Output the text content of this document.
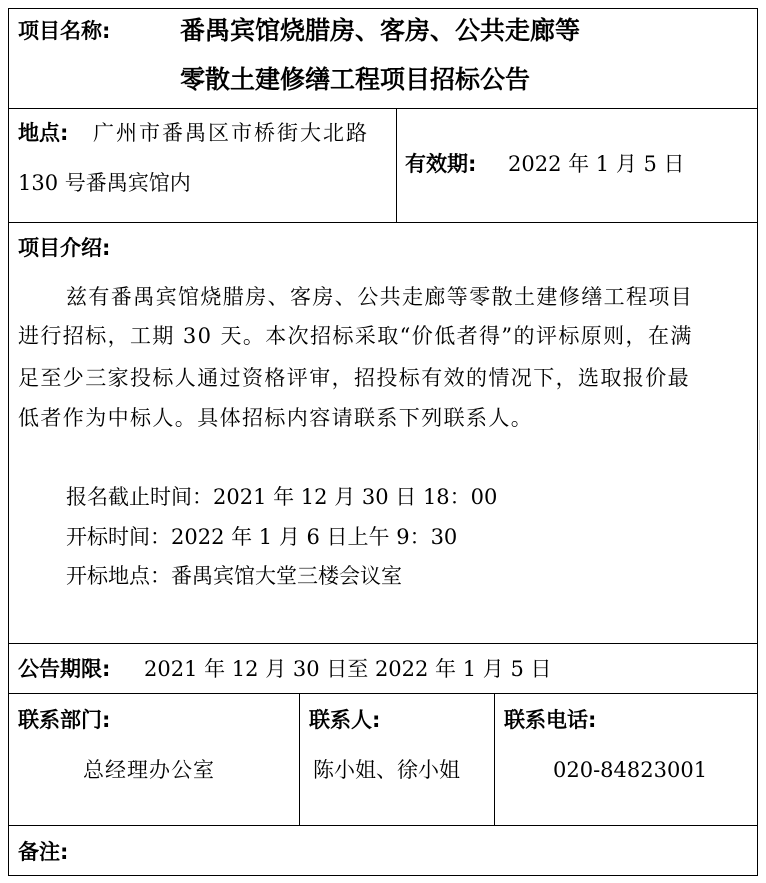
项目名称:	番禺宾馆烧腊房、客房、公共走廊等
零散土建修缮工程项目招标公告
地点: 广州市番禺区市桥街大北路
130 号番禺宾馆内
有效期: 2022 年 1 月 5 日
项目介绍:
兹有番禺宾馆烧腊房、客房、公共走廊等零散土建修缮工程项目
进行招标，工期 30 天。本次招标采取“价低者得”的评标原则，在满
足至少三家投标人通过资格评审，招投标有效的情况下，选取报价最
低者作为中标人。具体招标内容请联系下列联系人。
报名截止时间：2021 年 12 月 30 日 18：00
开标时间：2022 年 1 月 6 日上午 9：30
开标地点：番禺宾馆大堂三楼会议室
公告期限: 2021 年 12 月 30 日至 2022 年 1 月 5 日
联系部门:
总经理办公室
联系人:
陈小姐、徐小姐
联系电话:
020-84823001
备注:
